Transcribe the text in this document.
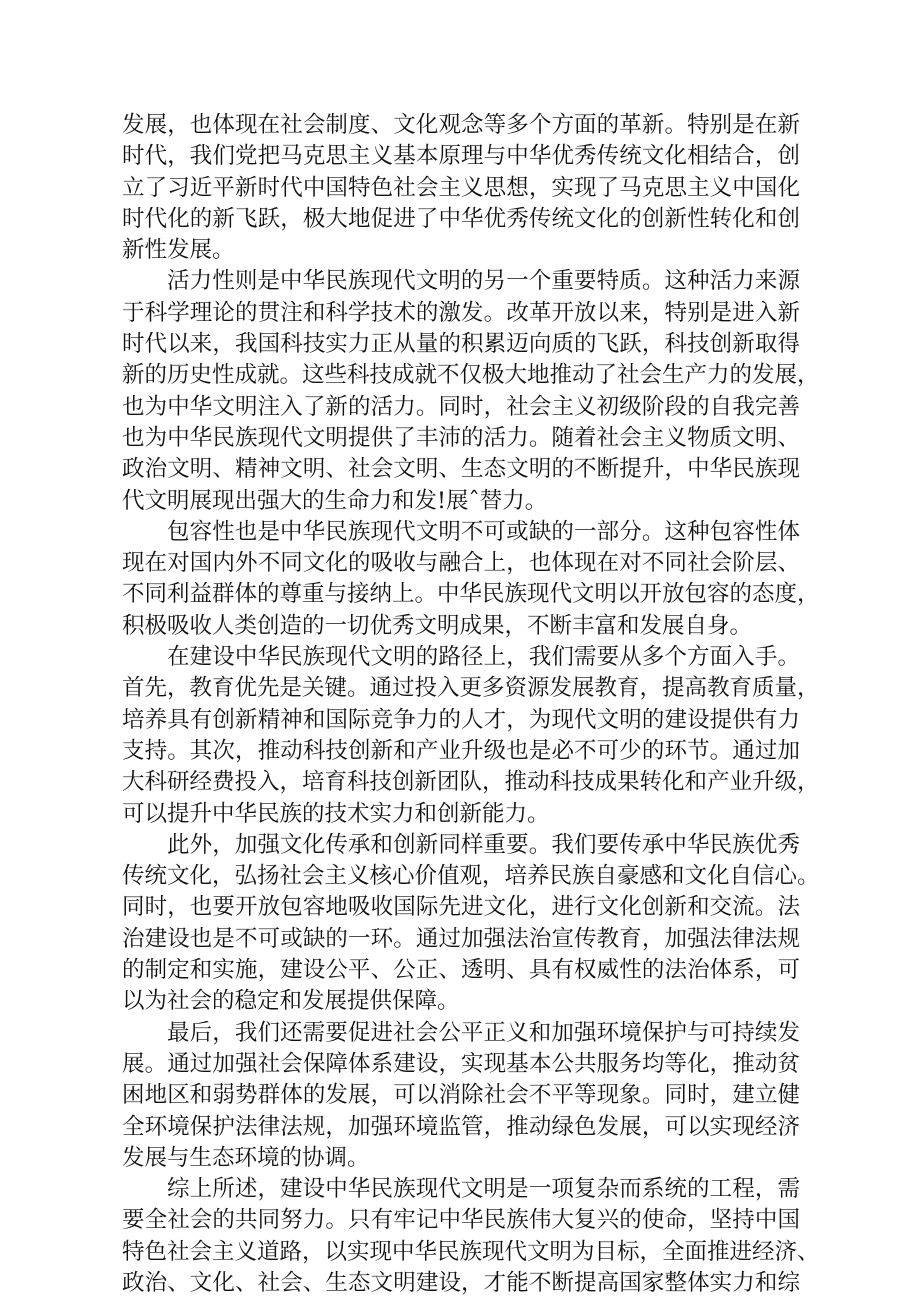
发展，也体现在社会制度、文化观念等多个方面的革新。特别是在新
时代，我们党把马克思主义基本原理与中华优秀传统文化相结合，创
立了习近平新时代中国特色社会主义思想，实现了马克思主义中国化
时代化的新飞跃，极大地促进了中华优秀传统文化的创新性转化和创
新性发展。
活力性则是中华民族现代文明的另一个重要特质。这种活力来源
于科学理论的贯注和科学技术的激发。改革开放以来，特别是进入新
时代以来，我国科技实力正从量的积累迈向质的飞跃，科技创新取得
新的历史性成就。这些科技成就不仅极大地推动了社会生产力的发展，
也为中华文明注入了新的活力。同时，社会主义初级阶段的自我完善
也为中华民族现代文明提供了丰沛的活力。随着社会主义物质文明、
政治文明、精神文明、社会文明、生态文明的不断提升，中华民族现
代文明展现出强大的生命力和发!展ˆ替力。
包容性也是中华民族现代文明不可或缺的一部分。这种包容性体
现在对国内外不同文化的吸收与融合上，也体现在对不同社会阶层、
不同利益群体的尊重与接纳上。中华民族现代文明以开放包容的态度，
积极吸收人类创造的一切优秀文明成果，不断丰富和发展自身。
在建设中华民族现代文明的路径上，我们需要从多个方面入手。
首先，教育优先是关键。通过投入更多资源发展教育，提高教育质量，
培养具有创新精神和国际竞争力的人才，为现代文明的建设提供有力
支持。其次，推动科技创新和产业升级也是必不可少的环节。通过加
大科研经费投入，培育科技创新团队，推动科技成果转化和产业升级，
可以提升中华民族的技术实力和创新能力。
此外，加强文化传承和创新同样重要。我们要传承中华民族优秀
传统文化，弘扬社会主义核心价值观，培养民族自豪感和文化自信心。
同时，也要开放包容地吸收国际先进文化，进行文化创新和交流。法
治建设也是不可或缺的一环。通过加强法治宣传教育，加强法律法规
的制定和实施，建设公平、公正、透明、具有权威性的法治体系，可
以为社会的稳定和发展提供保障。
最后，我们还需要促进社会公平正义和加强环境保护与可持续发
展。通过加强社会保障体系建设，实现基本公共服务均等化，推动贫
困地区和弱势群体的发展，可以消除社会不平等现象。同时，建立健
全环境保护法律法规，加强环境监管，推动绿色发展，可以实现经济
发展与生态环境的协调。
综上所述，建设中华民族现代文明是一项复杂而系统的工程，需
要全社会的共同努力。只有牢记中华民族伟大复兴的使命，坚持中国
特色社会主义道路，以实现中华民族现代文明为目标，全面推进经济、
政治、文化、社会、生态文明建设，才能不断提高国家整体实力和综
